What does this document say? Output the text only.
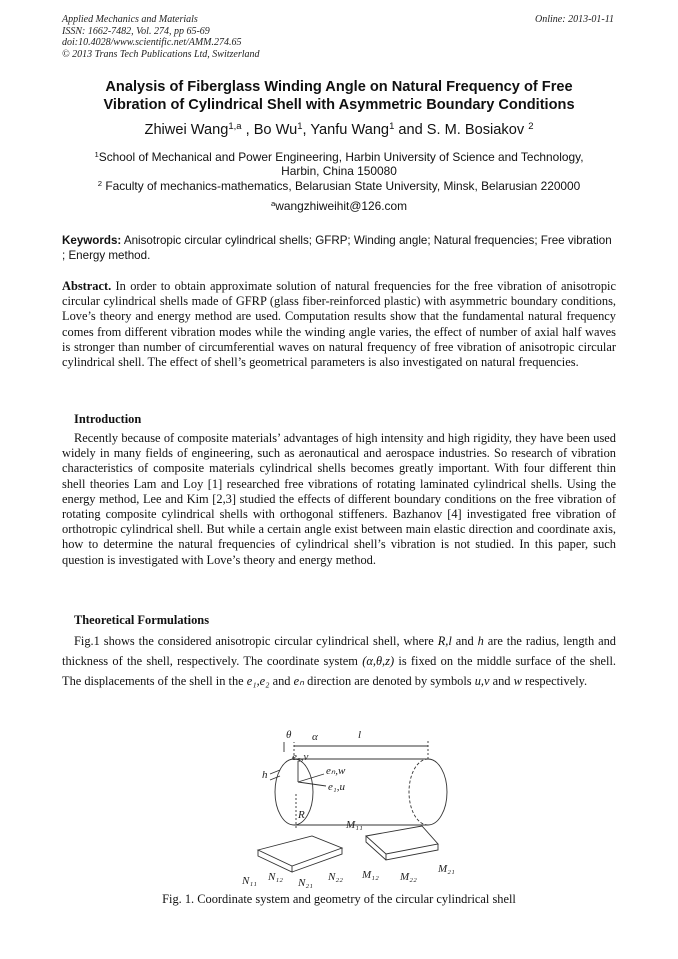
Applied Mechanics and Materials
ISSN: 1662-7482, Vol. 274, pp 65-69
doi:10.4028/www.scientific.net/AMM.274.65
© 2013 Trans Tech Publications Ltd, Switzerland
Online: 2013-01-11
Analysis of Fiberglass Winding Angle on Natural Frequency of Free
Vibration of Cylindrical Shell with Asymmetric Boundary Conditions
Zhiwei Wang$^{1,a}$ , Bo Wu$^1$, Yanfu Wang$^1$ and S. M. Bosiakov $^2$
$^1$School of Mechanical and Power Engineering, Harbin University of Science and Technology,
Harbin, China 150080
$^2$ Faculty of mechanics-mathematics, Belarusian State University, Minsk, Belarusian 220000
$^a$wangzhiweihit@126.com
Keywords: Anisotropic circular cylindrical shells; GFRP; Winding angle; Natural frequencies; Free vibration ; Energy method.
Abstract. In order to obtain approximate solution of natural frequencies for the free vibration of anisotropic circular cylindrical shells made of GFRP (glass fiber-reinforced plastic) with asymmetric boundary conditions, Love’s theory and energy method are used. Computation results show that the fundamental natural frequency comes from different vibration modes while the winding angle varies, the effect of number of axial half waves is stronger than number of circumferential waves on natural frequency of free vibration of anisotropic circular cylindrical shell. The effect of shell’s geometrical parameters is also investigated on natural frequencies.
Introduction
Recently because of composite materials’ advantages of high intensity and high rigidity, they have been used widely in many fields of engineering, such as aeronautical and aerospace industries. So research of vibration characteristics of composite materials cylindrical shells becomes greatly important. With four different thin shell theories Lam and Loy [1] researched free vibrations of rotating laminated cylindrical shells. Using the energy method, Lee and Kim [2,3] studied the effects of different boundary conditions on the free vibration of rotating composite cylindrical shells with orthogonal stiffeners. Bazhanov [4] investigated free vibration of orthotropic cylindrical shell. But while a certain angle exist between main elastic direction and coordinate axis, how to determine the natural frequencies of cylindrical shell’s vibration is not studied. In this paper, such question is investigated with Love’s theory and energy method.
Theoretical Formulations
Fig.1 shows the considered anisotropic circular cylindrical shell, where R,l and h are the radius, length and thickness of the shell, respectively. The coordinate system (α,θ,z) is fixed on the middle surface of the shell. The displacements of the shell in the e₁,e₂ and eₙ direction are denoted by symbols u,v and w respectively.
θ α	l
h
e₂,v
eₙ,w
e₁,u
R
N₁₁ N₁₂ N₂₁ N₂₂
M₁₁
M₁₂ M₂₂
M₂₁
Fig. 1. Coordinate system and geometry of the circular cylindrical shell
